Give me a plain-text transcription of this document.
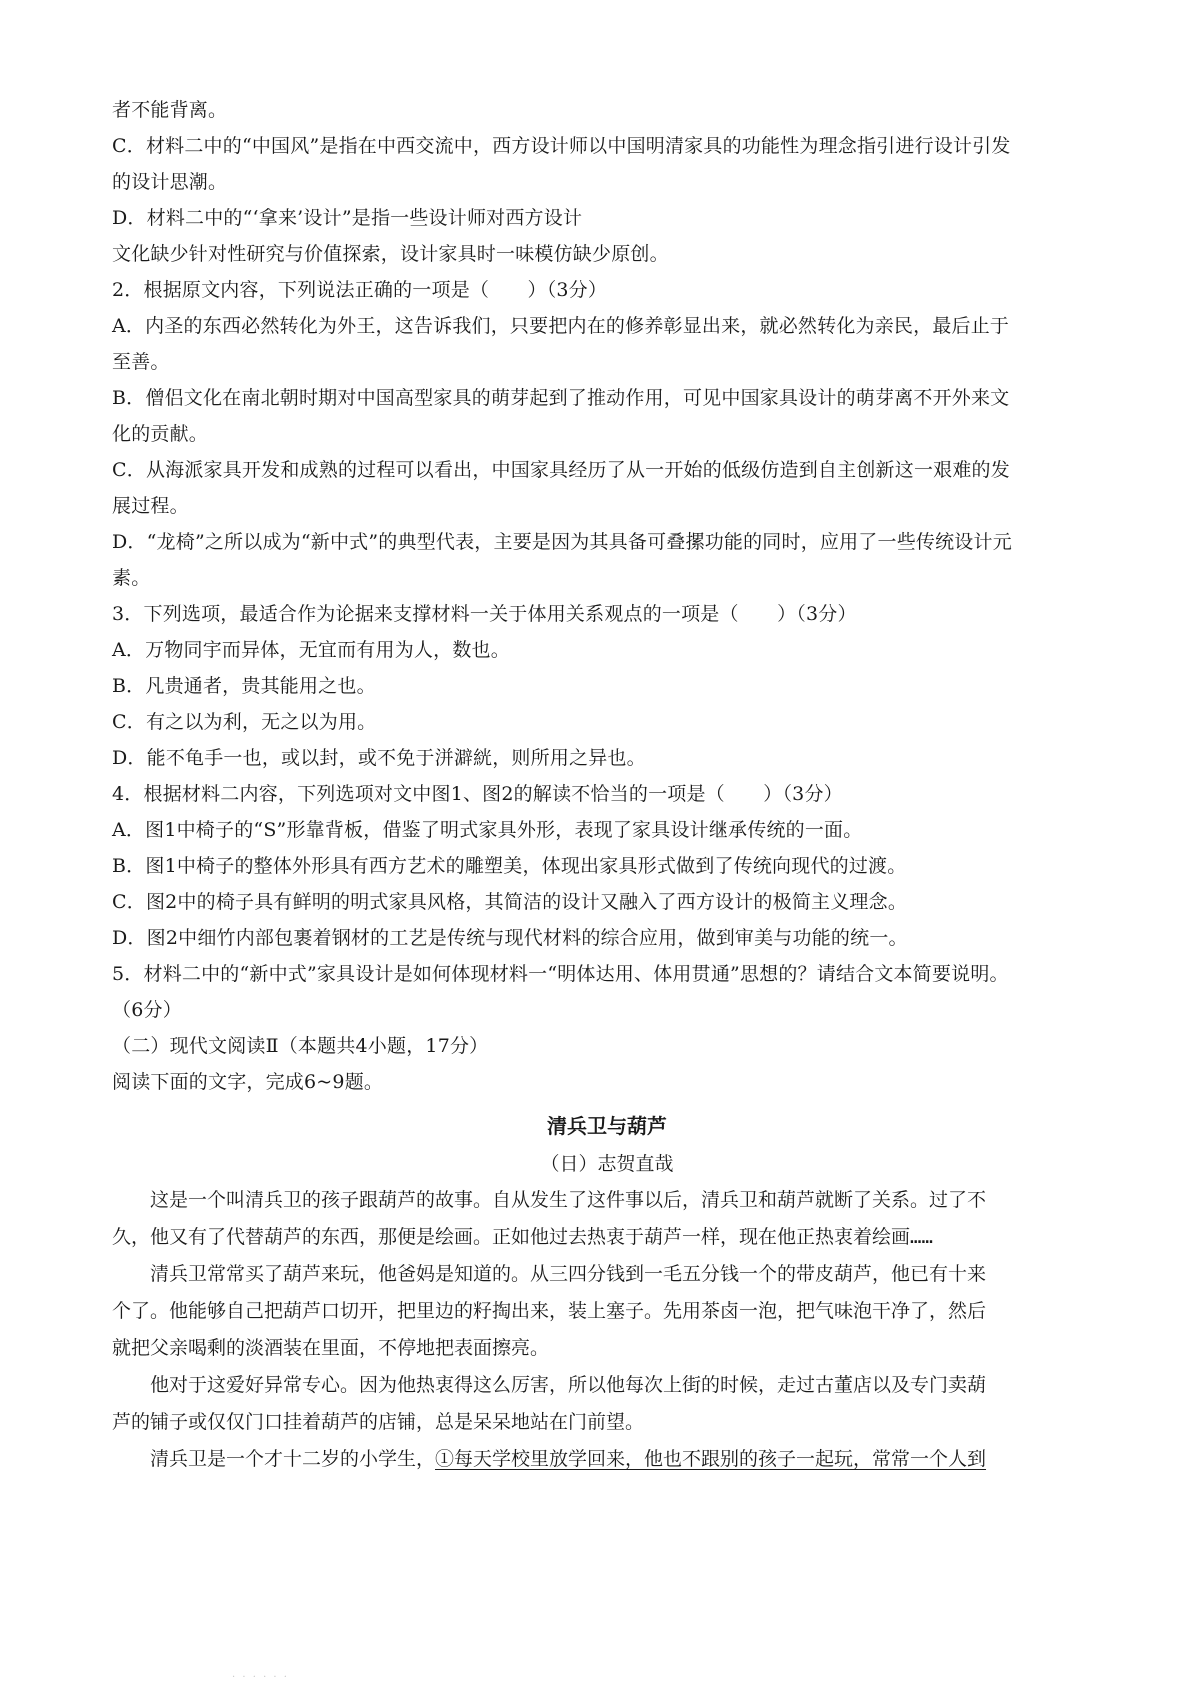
者不能背离。

C．材料二中的“中国风”是指在中西交流中，西方设计师以中国明清家具的功能性为理念指引进行设计引发

的设计思潮。

D．材料二中的“‘拿来’设计”是指一些设计师对西方设计

文化缺少针对性研究与价值探索，设计家具时一味模仿缺少原创。

2．根据原文内容，下列说法正确的一项是（　　）（3分）

A．内圣的东西必然转化为外王，这告诉我们，只要把内在的修养彰显出来，就必然转化为亲民，最后止于

至善。

B．僧侣文化在南北朝时期对中国高型家具的萌芽起到了推动作用，可见中国家具设计的萌芽离不开外来文

化的贡献。

C．从海派家具开发和成熟的过程可以看出，中国家具经历了从一开始的低级仿造到自主创新这一艰难的发

展过程。

D．“龙椅”之所以成为“新中式”的典型代表，主要是因为其具备可叠摞功能的同时，应用了一些传统设计元

素。

3．下列选项，最适合作为论据来支撑材料一关于体用关系观点的一项是（　　）（3分）

A．万物同宇而异体，无宜而有用为人，数也。

B．凡贵通者，贵其能用之也。

C．有之以为利，无之以为用。

D．能不龟手一也，或以封，或不免于洴澼絖，则所用之异也。

4．根据材料二内容，下列选项对文中图1、图2的解读不恰当的一项是（　　）（3分）

A．图1中椅子的“S”形靠背板，借鉴了明式家具外形，表现了家具设计继承传统的一面。

B．图1中椅子的整体外形具有西方艺术的雕塑美，体现出家具形式做到了传统向现代的过渡。

C．图2中的椅子具有鲜明的明式家具风格，其简洁的设计又融入了西方设计的极简主义理念。

D．图2中细竹内部包裹着钢材的工艺是传统与现代材料的综合应用，做到审美与功能的统一。

5．材料二中的“新中式”家具设计是如何体现材料一“明体达用、体用贯通”思想的？请结合文本简要说明。

（6分）

（二）现代文阅读Ⅱ（本题共4小题，17分）

阅读下面的文字，完成6~9题。

清兵卫与葫芦
（日）志贺直哉

这是一个叫清兵卫的孩子跟葫芦的故事。自从发生了这件事以后，清兵卫和葫芦就断了关系。过了不

久，他又有了代替葫芦的东西，那便是绘画。正如他过去热衷于葫芦一样，现在他正热衷着绘画……

清兵卫常常买了葫芦来玩，他爸妈是知道的。从三四分钱到一毛五分钱一个的带皮葫芦，他已有十来

个了。他能够自己把葫芦口切开，把里边的籽掏出来，装上塞子。先用茶卤一泡，把气味泡干净了，然后

就把父亲喝剩的淡酒装在里面，不停地把表面擦亮。

他对于这爱好异常专心。因为他热衷得这么厉害，所以他每次上街的时候，走过古董店以及专门卖葫

芦的铺子或仅仅门口挂着葫芦的店铺，总是呆呆地站在门前望。

清兵卫是一个才十二岁的小学生，①每天学校里放学回来，他也不跟别的孩子一起玩，常常一个人到

· · · · · ·
